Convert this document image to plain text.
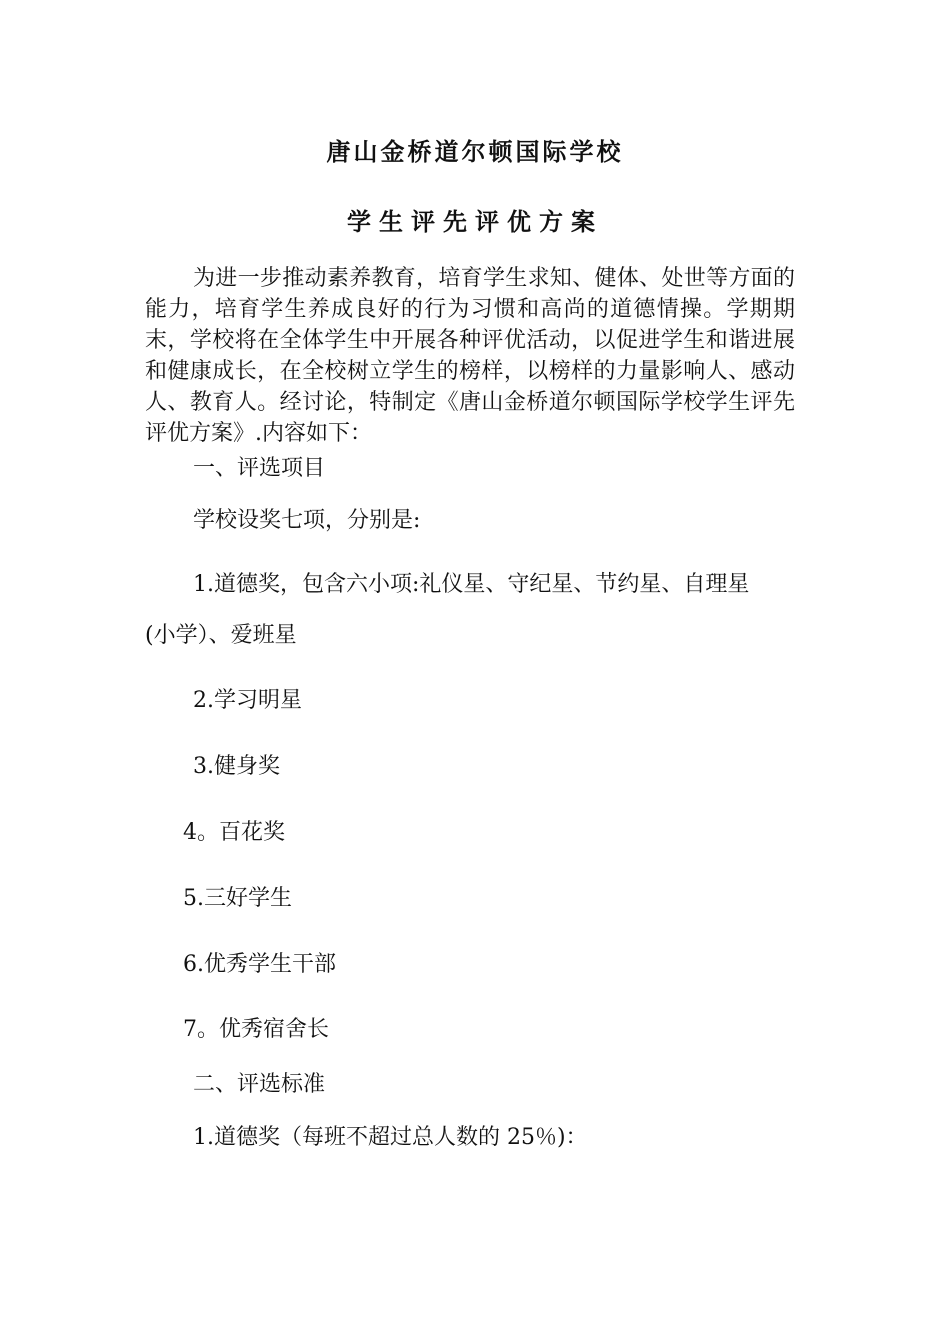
唐山金桥道尔顿国际学校
学生评先评优方案

为进一步推动素养教育，培育学生求知、健体、处世等方面的能力，培育学生养成良好的行为习惯和高尚的道德情操。学期期末，学校将在全体学生中开展各种评优活动，以促进学生和谐进展和健康成长，在全校树立学生的榜样，以榜样的力量影响人、感动人、教育人。经讨论，特制定《唐山金桥道尔顿国际学校学生评先评优方案》.内容如下：

一、评选项目

学校设奖七项，分别是:

1.道德奖，包含六小项:礼仪星、守纪星、节约星、自理星

(小学）、爱班星

2.学习明星

3.健身奖

4。百花奖

5.三好学生

6.优秀学生干部

7。优秀宿舍长

二、评选标准

1.道德奖（每班不超过总人数的 25％)：
